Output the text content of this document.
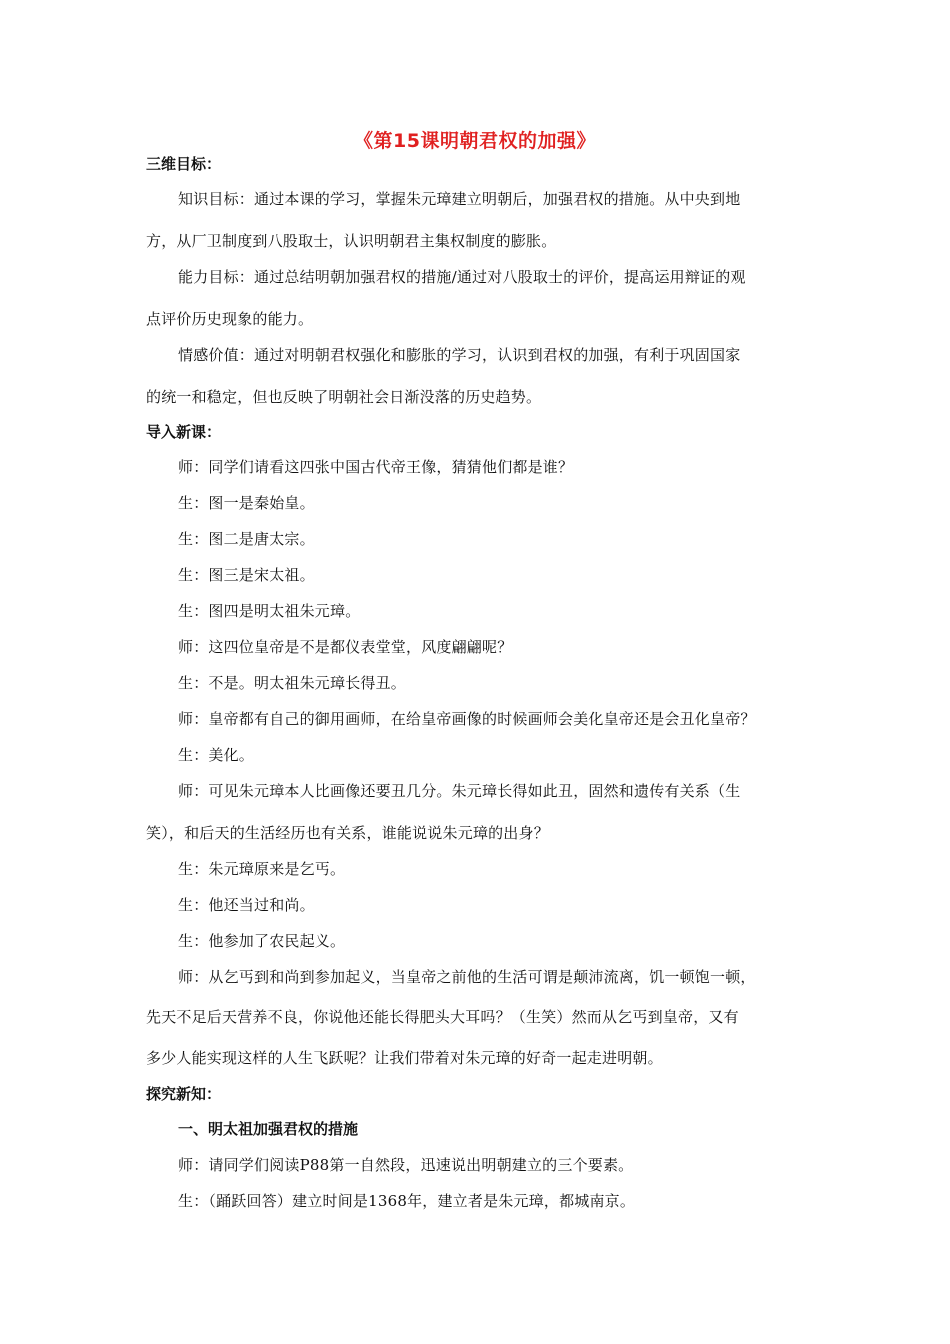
《第15课明朝君权的加强》
三维目标：
知识目标：通过本课的学习，掌握朱元璋建立明朝后，加强君权的措施。从中央到地
方，从厂卫制度到八股取士，认识明朝君主集权制度的膨胀。
能力目标：通过总结明朝加强君权的措施/通过对八股取士的评价，提高运用辩证的观
点评价历史现象的能力。
情感价值：通过对明朝君权强化和膨胀的学习，认识到君权的加强，有利于巩固国家
的统一和稳定，但也反映了明朝社会日渐没落的历史趋势。
导入新课：
师：同学们请看这四张中国古代帝王像，猜猜他们都是谁？
生：图一是秦始皇。
生：图二是唐太宗。
生：图三是宋太祖。
生：图四是明太祖朱元璋。
师：这四位皇帝是不是都仪表堂堂，风度翩翩呢？
生：不是。明太祖朱元璋长得丑。
师：皇帝都有自己的御用画师，在给皇帝画像的时候画师会美化皇帝还是会丑化皇帝？
生：美化。
师：可见朱元璋本人比画像还要丑几分。朱元璋长得如此丑，固然和遗传有关系（生
笑），和后天的生活经历也有关系，谁能说说朱元璋的出身？
生：朱元璋原来是乞丐。
生：他还当过和尚。
生：他参加了农民起义。
师：从乞丐到和尚到参加起义，当皇帝之前他的生活可谓是颠沛流离，饥一顿饱一顿，
先天不足后天营养不良，你说他还能长得肥头大耳吗？（生笑）然而从乞丐到皇帝，又有
多少人能实现这样的人生飞跃呢？让我们带着对朱元璋的好奇一起走进明朝。
探究新知：
一、明太祖加强君权的措施
师：请同学们阅读P88第一自然段，迅速说出明朝建立的三个要素。
生：（踊跃回答）建立时间是1368年，建立者是朱元璋，都城南京。
